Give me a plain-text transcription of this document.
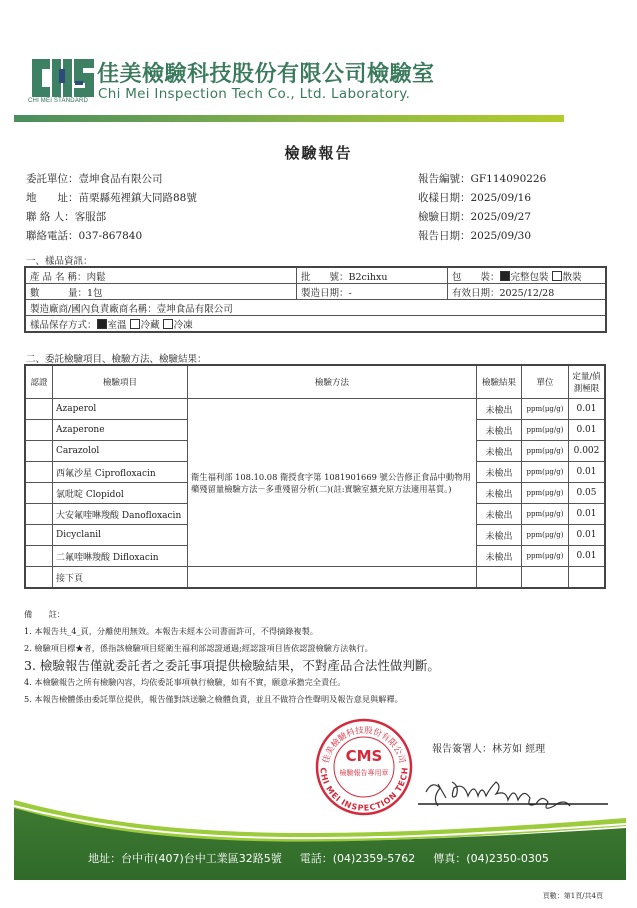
CHI MEI STANDARD
佳美檢驗科技股份有限公司檢驗室
Chi Mei Inspection Tech Co., Ltd. Laboratory.
檢驗報告
委託單位：壹坤食品有限公司
地　　址：苗栗縣苑裡鎮大同路88號
聯 絡 人：客服部
聯絡電話：037-867840
報告編號：GF114090226
收樣日期：2025/09/16
檢驗日期：2025/09/27
報告日期：2025/09/30
一、樣品資訊：
產 品 名 稱：肉鬆	批　　號：B2cihxu	包　　裝： 完整包裝 散裝
數　　　量：1包	製造日期：-	有效日期：2025/12/28
製造廠商/國內負責廠商名稱：壹坤食品有限公司		
樣品保存方式： 室溫 冷藏 冷凍		
二、委託檢驗項目、檢驗方法、檢驗結果：
認證	檢驗項目	檢驗方法	檢驗結果	單位	定量/偵測極限
	Azaperol	衛生福利部 108.10.08 衛授食字第 1081901669 號公告修正食品中動物用藥殘留量檢驗方法－多重殘留分析(二)(註:實驗室擴充原方法適用基質。)	未檢出	ppm(μg/g)	0.01
	Azaperone		未檢出	ppm(μg/g)	0.01
	Carazolol		未檢出	ppm(μg/g)	0.002
	西氟沙星 Ciprofloxacin		未檢出	ppm(μg/g)	0.01
	氯吡啶 Clopidol		未檢出	ppm(μg/g)	0.05
	大安氟喹啉羧酸 Danofloxacin		未檢出	ppm(μg/g)	0.01
	Dicyclanil		未檢出	ppm(μg/g)	0.01
	二氟喹啉羧酸 Difloxacin		未檢出	ppm(μg/g)	0.01
	接下頁				
備　　註：
1. 本報告共_4_頁，分離使用無效。本報告未經本公司書面許可，不得摘錄複製。
2. 檢驗項目標★者，係指該檢驗項目經衛生福利部認證通過;經認證項目皆依認證檢驗方法執行。
3. 檢驗報告僅就委託者之委託事項提供檢驗結果，不對產品合法性做判斷。
4. 本檢驗報告之所有檢驗內容，均依委託事項執行檢驗，如有不實，願意承擔完全責任。
5. 本報告檢體係由委託單位提供，報告僅對該送驗之檢體負責，並且不做符合性聲明及報告意見與解釋。
佳美檢驗科技股份有限公司
CHI MEI INSPECTION TECH
CMS
檢驗報告專用章
報告簽署人：林芳如 經理
地址：台中市(407)台中工業區32路5號 電話：(04)2359-5762 傳真：(04)2350-0305
頁數：第1頁/共4頁
